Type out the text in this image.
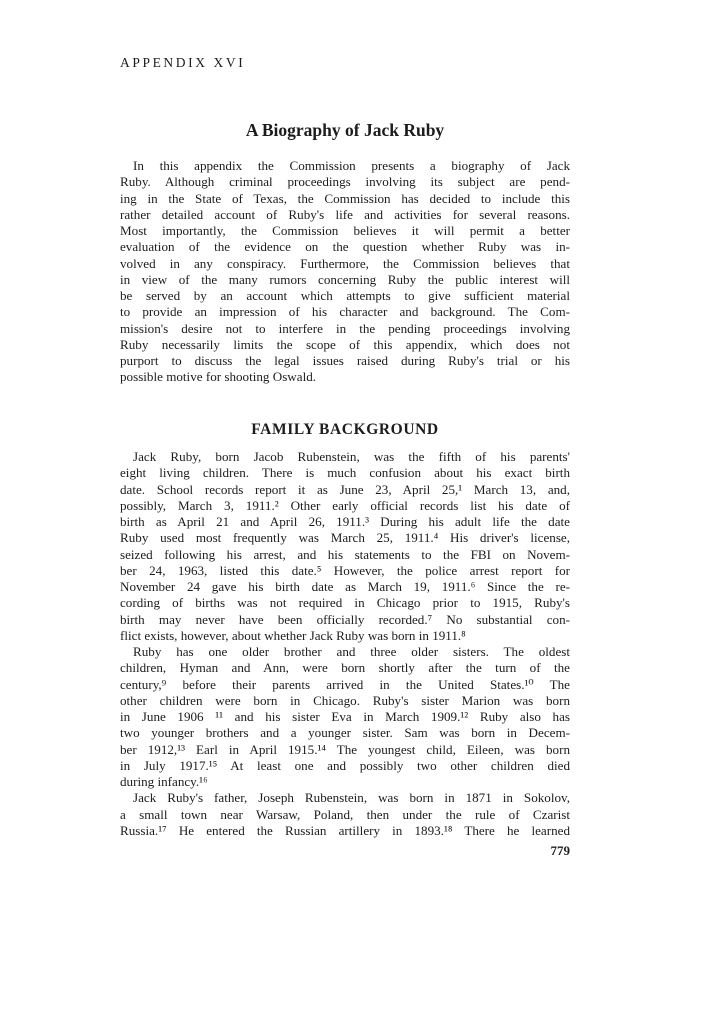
APPENDIX XVI
A Biography of Jack Ruby
In this appendix the Commission presents a biography of Jack
Ruby. Although criminal proceedings involving its subject are pend-
ing in the State of Texas, the Commission has decided to include this
rather detailed account of Ruby's life and activities for several reasons.
Most importantly, the Commission believes it will permit a better
evaluation of the evidence on the question whether Ruby was in-
volved in any conspiracy. Furthermore, the Commission believes that
in view of the many rumors concerning Ruby the public interest will
be served by an account which attempts to give sufficient material
to provide an impression of his character and background. The Com-
mission's desire not to interfere in the pending proceedings involving
Ruby necessarily limits the scope of this appendix, which does not
purport to discuss the legal issues raised during Ruby's trial or his
possible motive for shooting Oswald.
FAMILY BACKGROUND
Jack Ruby, born Jacob Rubenstein, was the fifth of his parents'
eight living children. There is much confusion about his exact birth
date. School records report it as June 23, April 25,¹ March 13, and,
possibly, March 3, 1911.² Other early official records list his date of
birth as April 21 and April 26, 1911.³ During his adult life the date
Ruby used most frequently was March 25, 1911.⁴ His driver's license,
seized following his arrest, and his statements to the FBI on Novem-
ber 24, 1963, listed this date.⁵ However, the police arrest report for
November 24 gave his birth date as March 19, 1911.⁶ Since the re-
cording of births was not required in Chicago prior to 1915, Ruby's
birth may never have been officially recorded.⁷ No substantial con-
flict exists, however, about whether Jack Ruby was born in 1911.⁸
Ruby has one older brother and three older sisters. The oldest
children, Hyman and Ann, were born shortly after the turn of the
century,⁹ before their parents arrived in the United States.¹⁰ The
other children were born in Chicago. Ruby's sister Marion was born
in June 1906 ¹¹ and his sister Eva in March 1909.¹² Ruby also has
two younger brothers and a younger sister. Sam was born in Decem-
ber 1912,¹³ Earl in April 1915.¹⁴ The youngest child, Eileen, was born
in July 1917.¹⁵ At least one and possibly two other children died
during infancy.¹⁶
Jack Ruby's father, Joseph Rubenstein, was born in 1871 in Sokolov,
a small town near Warsaw, Poland, then under the rule of Czarist
Russia.¹⁷ He entered the Russian artillery in 1893.¹⁸ There he learned
779
